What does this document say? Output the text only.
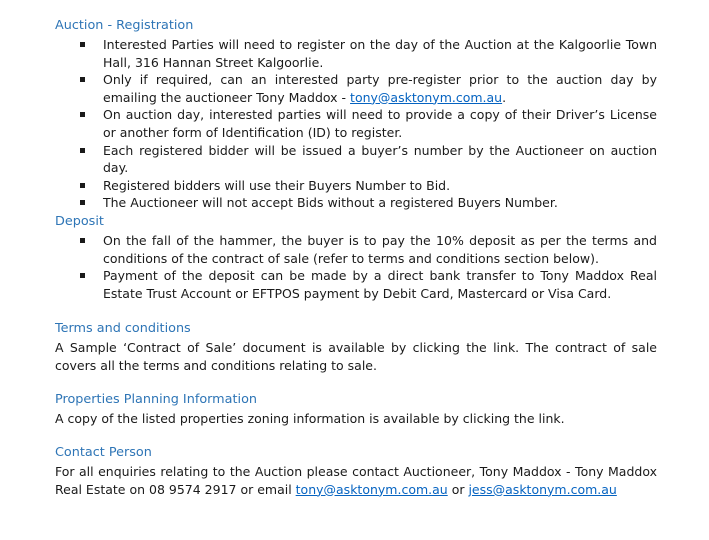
Auction - Registration
Interested Parties will need to register on the day of the Auction at the Kalgoorlie Town Hall, 316 Hannan Street Kalgoorlie.
Only if required, can an interested party pre-register prior to the auction day by emailing the auctioneer Tony Maddox - tony@asktonym.com.au.
On auction day, interested parties will need to provide a copy of their Driver’s License or another form of Identification (ID) to register.
Each registered bidder will be issued a buyer’s number by the Auctioneer on auction day.
Registered bidders will use their Buyers Number to Bid.
The Auctioneer will not accept Bids without a registered Buyers Number.
Deposit
On the fall of the hammer, the buyer is to pay the 10% deposit as per the terms and conditions of the contract of sale (refer to terms and conditions section below).
Payment of the deposit can be made by a direct bank transfer to Tony Maddox Real Estate Trust Account or EFTPOS payment by Debit Card, Mastercard or Visa Card.
Terms and conditions

A Sample ‘Contract of Sale’ document is available by clicking the link. The contract of sale covers all the terms and conditions relating to sale.

Properties Planning Information

A copy of the listed properties zoning information is available by clicking the link.

Contact Person

For all enquiries relating to the Auction please contact Auctioneer, Tony Maddox - Tony Maddox Real Estate on 08 9574 2917 or email tony@asktonym.com.au or jess@asktonym.com.au
